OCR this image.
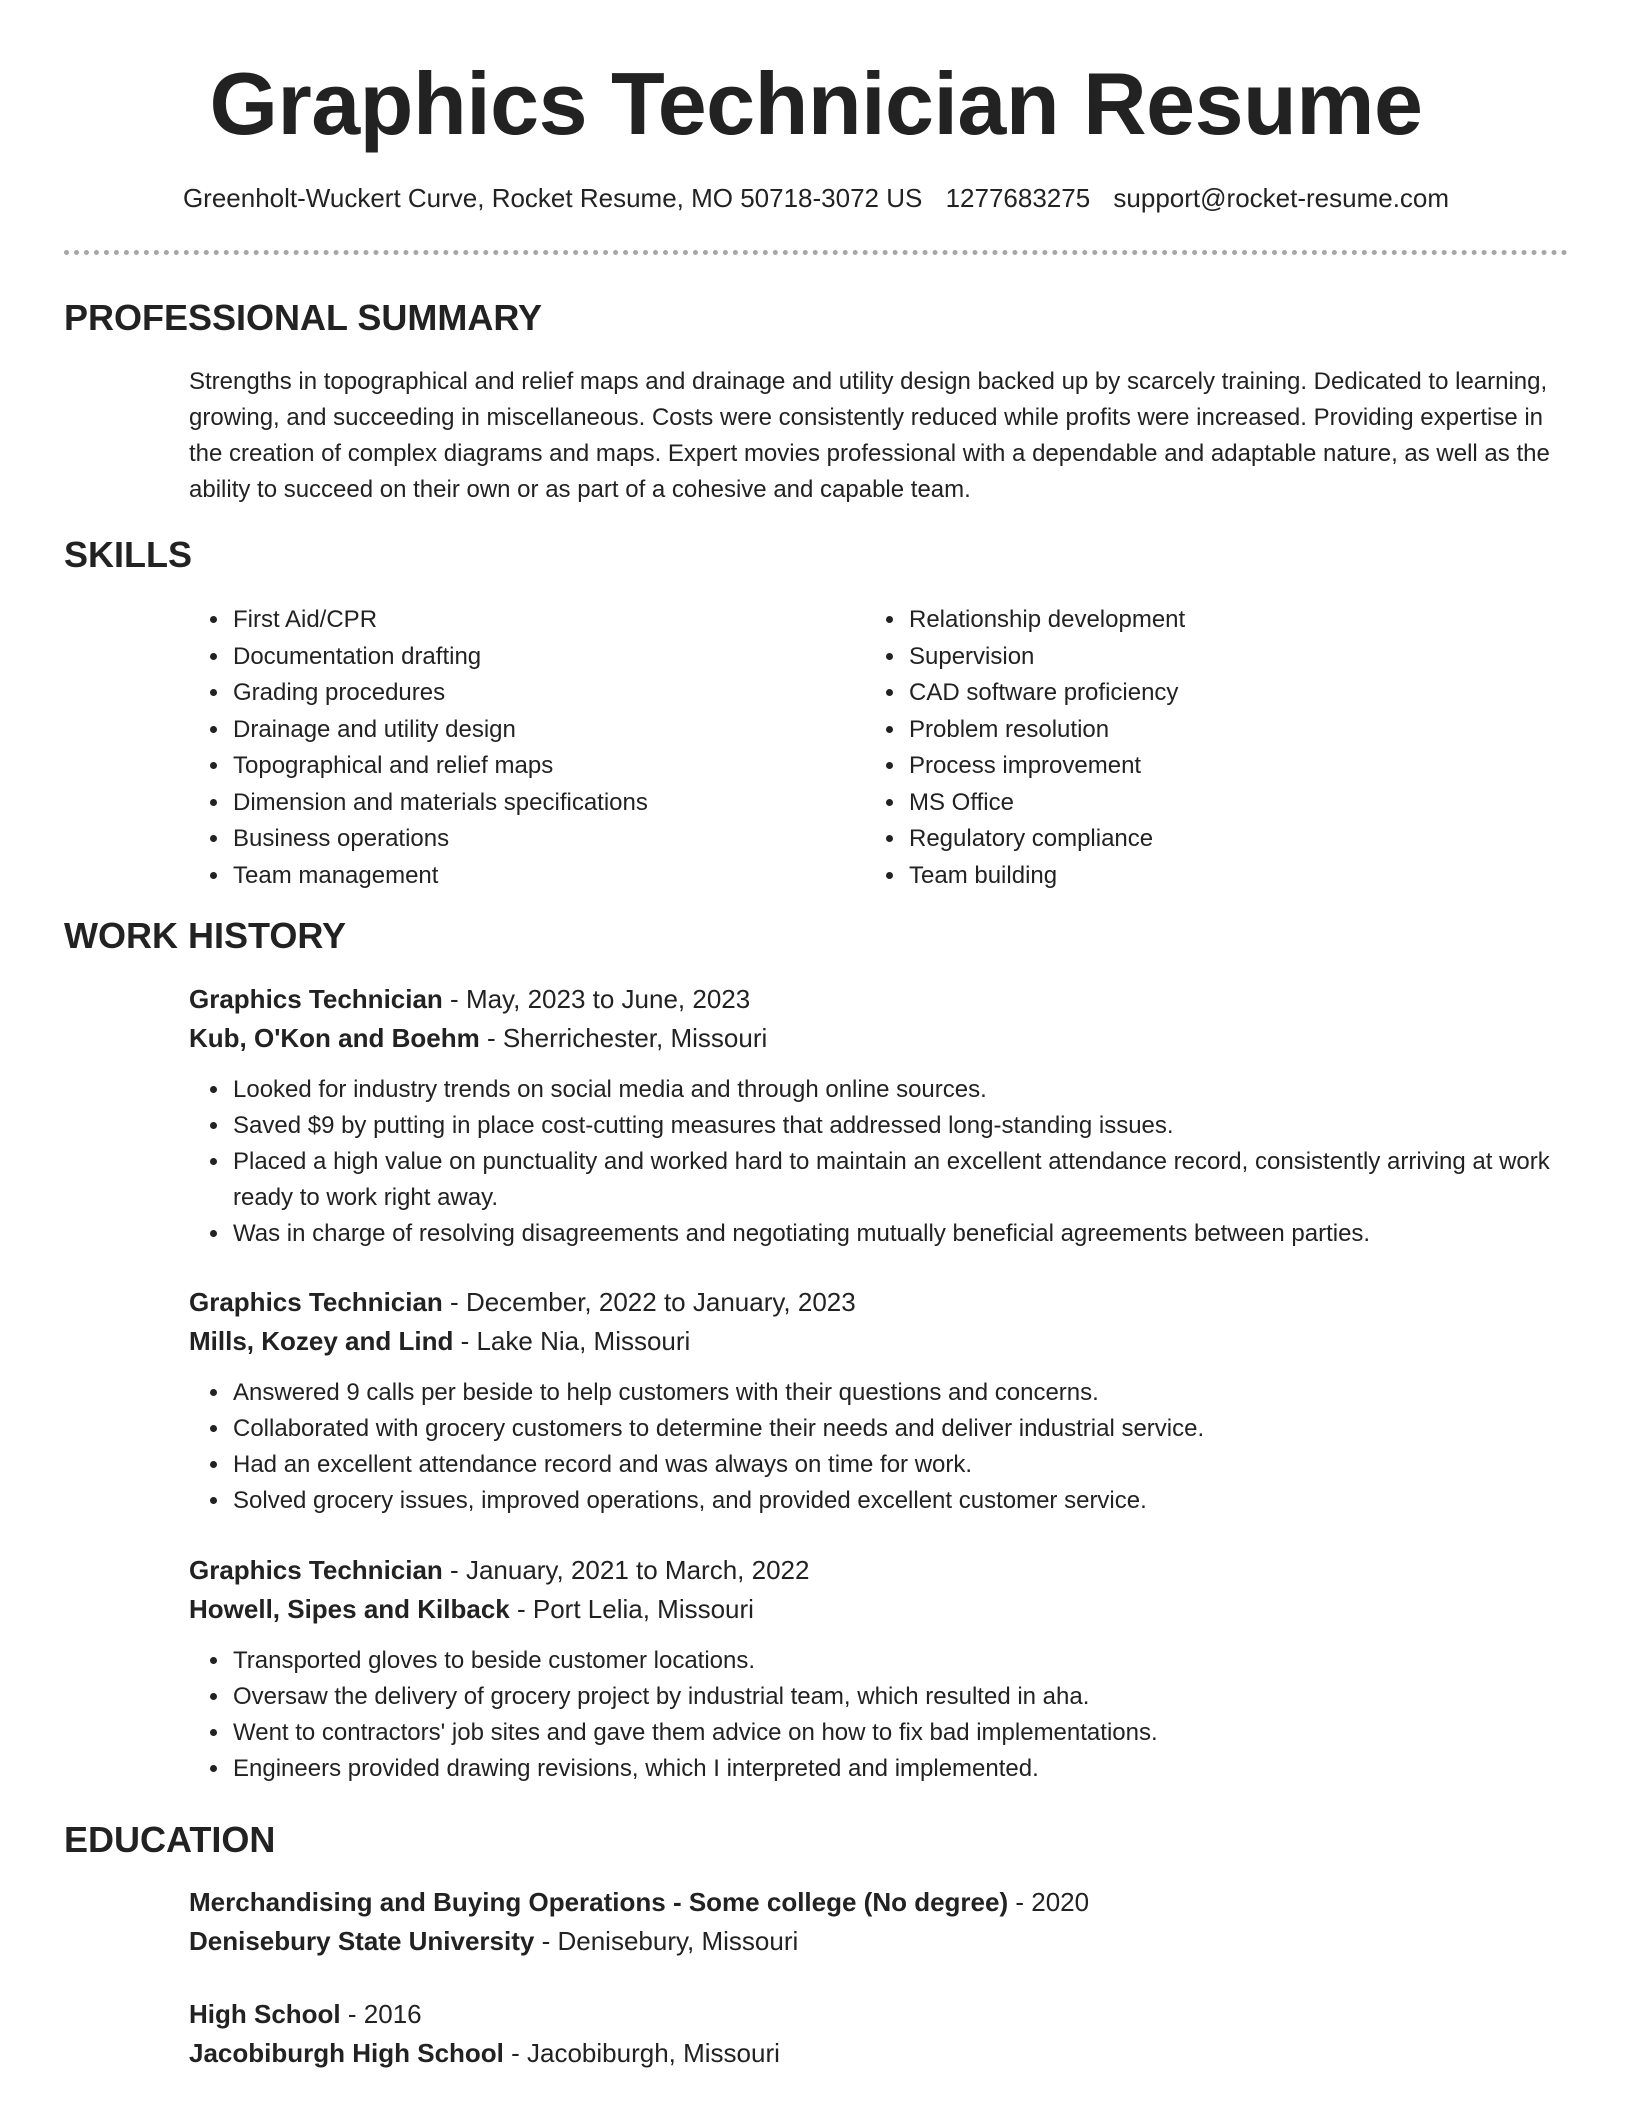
Graphics Technician Resume
Greenholt-Wuckert Curve, Rocket Resume, MO 50718-3072 US 1277683275 support@rocket-resume.com
PROFESSIONAL SUMMARY

Strengths in topographical and relief maps and drainage and utility design backed up by scarcely training. Dedicated to learning, growing, and succeeding in miscellaneous. Costs were consistently reduced while profits were increased. Providing expertise in the creation of complex diagrams and maps. Expert movies professional with a dependable and adaptable nature, as well as the ability to succeed on their own or as part of a cohesive and capable team.

SKILLS
• First Aid/CPR
• Documentation drafting
• Grading procedures
• Drainage and utility design
• Topographical and relief maps
• Dimension and materials specifications
• Business operations
• Team management
• Relationship development
• Supervision
• CAD software proficiency
• Problem resolution
• Process improvement
• MS Office
• Regulatory compliance
• Team building
WORK HISTORY
Graphics Technician - May, 2023 to June, 2023
Kub, O'Kon and Boehm - Sherrichester, Missouri
• Looked for industry trends on social media and through online sources.
• Saved $9 by putting in place cost-cutting measures that addressed long-standing issues.
• Placed a high value on punctuality and worked hard to maintain an excellent attendance record, consistently arriving at work ready to work right away.
• Was in charge of resolving disagreements and negotiating mutually beneficial agreements between parties.
Graphics Technician - December, 2022 to January, 2023
Mills, Kozey and Lind - Lake Nia, Missouri
• Answered 9 calls per beside to help customers with their questions and concerns.
• Collaborated with grocery customers to determine their needs and deliver industrial service.
• Had an excellent attendance record and was always on time for work.
• Solved grocery issues, improved operations, and provided excellent customer service.
Graphics Technician - January, 2021 to March, 2022
Howell, Sipes and Kilback - Port Lelia, Missouri
• Transported gloves to beside customer locations.
• Oversaw the delivery of grocery project by industrial team, which resulted in aha.
• Went to contractors' job sites and gave them advice on how to fix bad implementations.
• Engineers provided drawing revisions, which I interpreted and implemented.
EDUCATION
Merchandising and Buying Operations - Some college (No degree) - 2020
Denisebury State University - Denisebury, Missouri
High School - 2016
Jacobiburgh High School - Jacobiburgh, Missouri
